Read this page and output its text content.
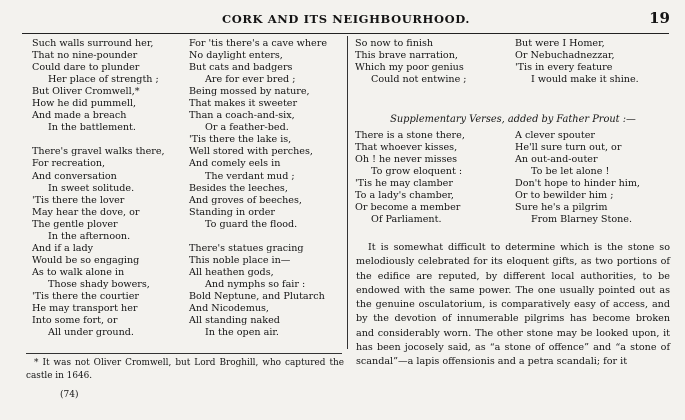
CORK AND ITS NEIGHBOURHOOD.	19
Such walls surround her,
That no nine-pounder
Could dare to plunder
Her place of strength ;
But Oliver Cromwell,*
How he did pummell,
And made a breach
In the battlement.
There's gravel walks there,
For recreation,
And conversation
In sweet solitude.
'Tis there the lover
May hear the dove, or
The gentle plover
In the afternoon.
And if a lady
Would be so engaging
As to walk alone in
Those shady bowers,
'Tis there the courtier
He may transport her
Into some fort, or
All under ground.
For 'tis there's a cave where
No daylight enters,
But cats and badgers
Are for ever bred ;
Being mossed by nature,
That makes it sweeter
Than a coach-and-six,
Or a feather-bed.
'Tis there the lake is,
Well stored with perches,
And comely eels in
The verdant mud ;
Besides the leeches,
And groves of beeches,
Standing in order
To guard the flood.
There's statues gracing
This noble place in—
All heathen gods,
And nymphs so fair :
Bold Neptune, and Plutarch
And Nicodemus,
All standing naked
In the open air.
So now to finish
This brave narration,
Which my poor genius
Could not entwine ;
But were I Homer,
Or Nebuchadnezzar,
'Tis in every feature
I would make it shine.
Supplementary Verses, added by Father Prout :—
There is a stone there,
That whoever kisses,
Oh ! he never misses
To grow eloquent :
'Tis he may clamber
To a lady's chamber,
Or become a member
Of Parliament.
A clever spouter
He'll sure turn out, or
An out-and-outer
To be let alone !
Don't hope to hinder him,
Or to bewilder him ;
Sure he's a pilgrim
From Blarney Stone.

It is somewhat difficult to determine which is the stone so melodiously celebrated for its eloquent gifts, as two portions of the edifice are reputed, by different local authorities, to be endowed with the same power. The one usually pointed out as the genuine osculatorium, is comparatively easy of access, and by the devotion of innumerable pilgrims has become broken and considerably worn. The other stone may be looked upon, it has been jocosely said, as “a stone of offence” and “a stone of scandal”—a lapis offensionis and a petra scandali; for it

* It was not Oliver Cromwell, but Lord Broghill, who captured the castle in 1646.

(74)
